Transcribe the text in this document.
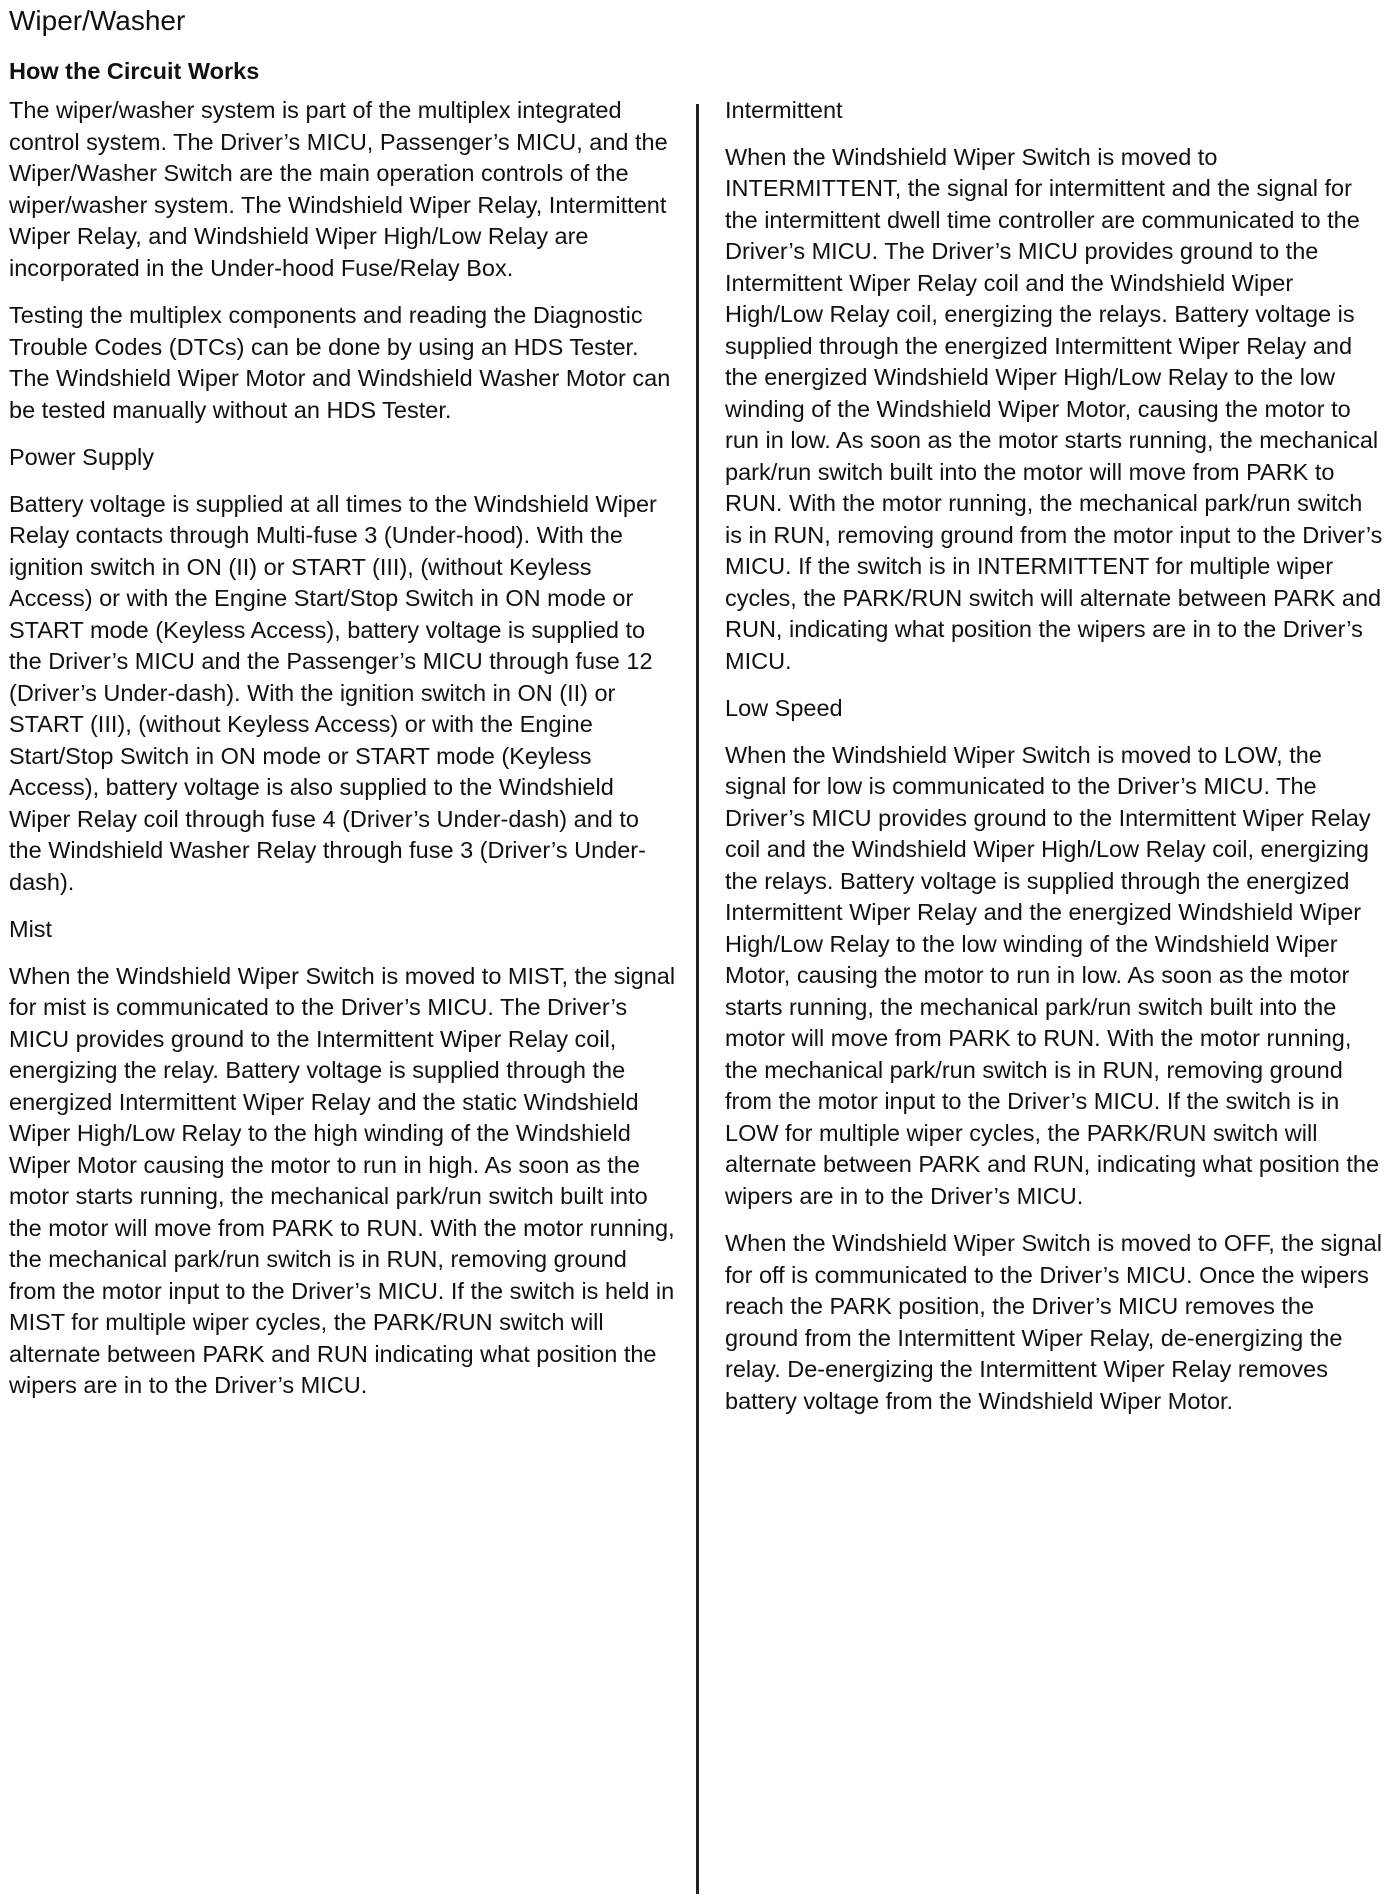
Wiper/Washer
How the Circuit Works

The wiper/washer system is part of the multiplex integrated control system. The Driver’s MICU, Passenger’s MICU, and the Wiper/Washer Switch are the main operation controls of the wiper/washer system. The Windshield Wiper Relay, Intermittent Wiper Relay, and Windshield Wiper High/Low Relay are incorporated in the Under-hood Fuse/Relay Box.

Testing the multiplex components and reading the Diagnostic Trouble Codes (DTCs) can be done by using an HDS Tester. The Windshield Wiper Motor and Windshield Washer Motor can be tested manually without an HDS Tester.

Power Supply

Battery voltage is supplied at all times to the Windshield Wiper Relay contacts through Multi-fuse 3 (Under-hood). With the ignition switch in ON (II) or START (III), (without Keyless Access) or with the Engine Start/Stop Switch in ON mode or START mode (Keyless Access), battery voltage is supplied to the Driver’s MICU and the Passenger’s MICU through fuse 12 (Driver’s Under-dash). With the ignition switch in ON (II) or START (III), (without Keyless Access) or with the Engine Start/Stop Switch in ON mode or START mode (Keyless Access), battery voltage is also supplied to the Windshield Wiper Relay coil through fuse 4 (Driver’s Under-dash) and to the Windshield Washer Relay through fuse 3 (Driver’s Under-dash).

Mist

When the Windshield Wiper Switch is moved to MIST, the signal for mist is communicated to the Driver’s MICU. The Driver’s MICU provides ground to the Intermittent Wiper Relay coil, energizing the relay. Battery voltage is supplied through the energized Intermittent Wiper Relay and the static Windshield Wiper High/Low Relay to the high winding of the Windshield Wiper Motor causing the motor to run in high. As soon as the motor starts running, the mechanical park/run switch built into the motor will move from PARK to RUN. With the motor running, the mechanical park/run switch is in RUN, removing ground from the motor input to the Driver’s MICU. If the switch is held in MIST for multiple wiper cycles, the PARK/RUN switch will alternate between PARK and RUN indicating what position the wipers are in to the Driver’s MICU.

Intermittent

When the Windshield Wiper Switch is moved to INTERMITTENT, the signal for intermittent and the signal for the intermittent dwell time controller are communicated to the Driver’s MICU. The Driver’s MICU provides ground to the Intermittent Wiper Relay coil and the Windshield Wiper High/Low Relay coil, energizing the relays. Battery voltage is supplied through the energized Intermittent Wiper Relay and the energized Windshield Wiper High/Low Relay to the low winding of the Windshield Wiper Motor, causing the motor to run in low. As soon as the motor starts running, the mechanical park/run switch built into the motor will move from PARK to RUN. With the motor running, the mechanical park/run switch is in RUN, removing ground from the motor input to the Driver’s MICU. If the switch is in INTERMITTENT for multiple wiper cycles, the PARK/RUN switch will alternate between PARK and RUN, indicating what position the wipers are in to the Driver’s MICU.

Low Speed

When the Windshield Wiper Switch is moved to LOW, the signal for low is communicated to the Driver’s MICU. The Driver’s MICU provides ground to the Intermittent Wiper Relay coil and the Windshield Wiper High/Low Relay coil, energizing the relays. Battery voltage is supplied through the energized Intermittent Wiper Relay and the energized Windshield Wiper High/Low Relay to the low winding of the Windshield Wiper Motor, causing the motor to run in low. As soon as the motor starts running, the mechanical park/run switch built into the motor will move from PARK to RUN. With the motor running, the mechanical park/run switch is in RUN, removing ground from the motor input to the Driver’s MICU. If the switch is in LOW for multiple wiper cycles, the PARK/RUN switch will alternate between PARK and RUN, indicating what position the wipers are in to the Driver’s MICU.

When the Windshield Wiper Switch is moved to OFF, the signal for off is communicated to the Driver’s MICU. Once the wipers reach the PARK position, the Driver’s MICU removes the ground from the Intermittent Wiper Relay, de-energizing the relay. De-energizing the Intermittent Wiper Relay removes battery voltage from the Windshield Wiper Motor.
